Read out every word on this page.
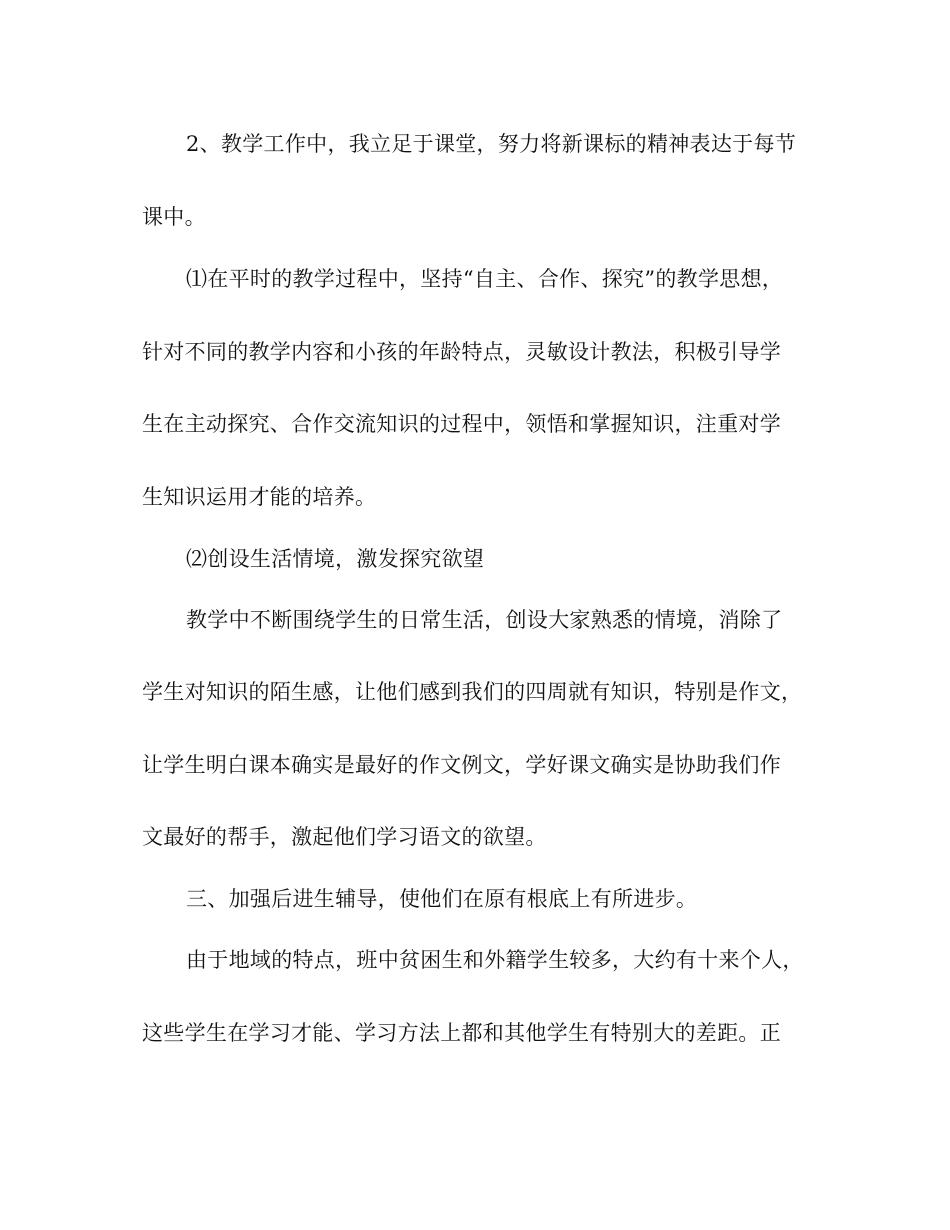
2、教学工作中，我立足于课堂，努力将新课标的精神表达于每节
课中。
⑴在平时的教学过程中，坚持“自主、合作、探究”的教学思想，
针对不同的教学内容和小孩的年龄特点，灵敏设计教法，积极引导学
生在主动探究、合作交流知识的过程中，领悟和掌握知识，注重对学
生知识运用才能的培养。
⑵创设生活情境，激发探究欲望
教学中不断围绕学生的日常生活，创设大家熟悉的情境，消除了
学生对知识的陌生感，让他们感到我们的四周就有知识，特别是作文，
让学生明白课本确实是最好的作文例文，学好课文确实是协助我们作
文最好的帮手，激起他们学习语文的欲望。
三、加强后进生辅导，使他们在原有根底上有所进步。
由于地域的特点，班中贫困生和外籍学生较多，大约有十来个人，
这些学生在学习才能、学习方法上都和其他学生有特别大的差距。正
